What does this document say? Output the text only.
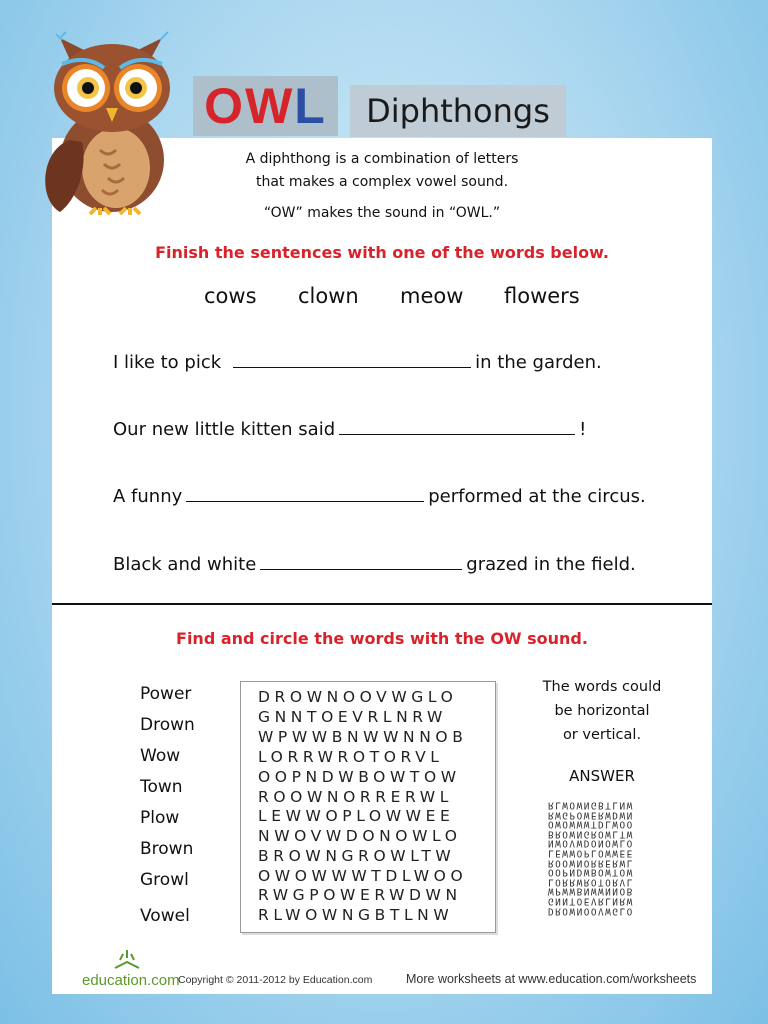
O W L	Diphthongs
A diphthong is a combination of letters
that makes a complex vowel sound.
“OW” makes the sound in “OWL.”
Finish the sentences with one of the words below.
cows clown meow flowers
I like to pick	in the garden.
Our new little kitten said	!
A funny	performed at the circus.
Black and white	grazed in the field.
Find and circle the words with the OW sound.
Power
Drown
Wow
Town
Plow
Brown
Growl
Vowel
DROWNOOVWGLO
GNNTOEVRLNRW
WPWWBNWWNNOB
LORRWROTORVL
OOPNDWBOWTOW
ROOWNORRERWL
LEWWOPLOWWEE
NWOVWDONOWLO
BROWNGROWLTW
OWOWWWTDLWOO
RWGPOWERWDWN
RLWOWNGBTLNW
The words could
be horizontal
or vertical.
ANSWER
RLWOWNGBTLNW
RWGPOWERWDWN
OWOWWWTDLWOO
BROWNGROWLTW
NWOVWDONOWLO
LEWWOPLOWWEE
ROOWNORRERWL
OOPNDWBOWTOW
LORRWROTORVL
WPWWBNWWNNOB
GNNTOEVRLNRW
DROWNOOVWGLO
education.com
Copyright © 2011-2012 by Education.com	More worksheets at www.education.com/worksheets
